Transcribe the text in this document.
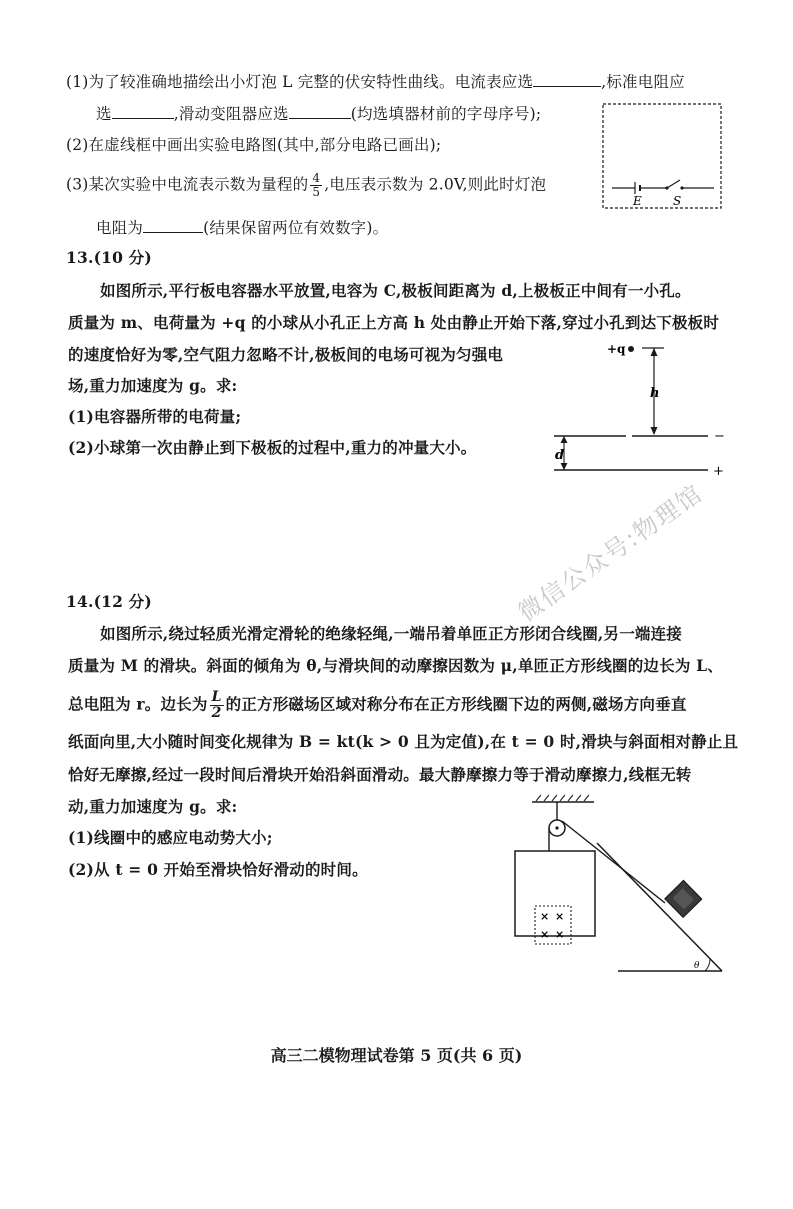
(1)为了较准确地描绘出小灯泡 L 完整的伏安特性曲线。电流表应选	,标准电阻应
选	,滑动变阻器应选	(均选填器材前的字母序号);
(2)在虚线框中画出实验电路图(其中,部分电路已画出);
(3)某次实验中电流表示数为量程的 $\frac{4}{5}$ ,电压表示数为 2.0V,则此时灯泡
电阻为	(结果保留两位有效数字)。
E	S
13.(10 分)
如图所示,平行板电容器水平放置,电容为 C,极板间距离为 d,上极板正中间有一小孔。
质量为 m、电荷量为 +q 的小球从小孔正上方高 h 处由静止开始下落,穿过小孔到达下极板时
的速度恰好为零,空气阻力忽略不计,极板间的电场可视为匀强电
场,重力加速度为 g。求:
(1)电容器所带的电荷量;
(2)小球第一次由静止到下极板的过程中,重力的冲量大小。
+q
h
−
+
d
微信公众号:物理馆
14.(12 分)
如图所示,绕过轻质光滑定滑轮的绝缘轻绳,一端吊着单匝正方形闭合线圈,另一端连接
质量为 M 的滑块。斜面的倾角为 θ,与滑块间的动摩擦因数为 μ,单匝正方形线圈的边长为 L、
总电阻为 r。边长为 $\frac{L}{2}$ 的正方形磁场区域对称分布在正方形线圈下边的两侧,磁场方向垂直
纸面向里,大小随时间变化规律为 B = kt(k > 0 且为定值),在 t = 0 时,滑块与斜面相对静止且
恰好无摩擦,经过一段时间后滑块开始沿斜面滑动。最大静摩擦力等于滑动摩擦力,线框无转
动,重力加速度为 g。求:
(1)线圈中的感应电动势大小;
(2)从 t = 0 开始至滑块恰好滑动的时间。
× ×
× ×
θ
高三二模物理试卷第 5 页(共 6 页)
